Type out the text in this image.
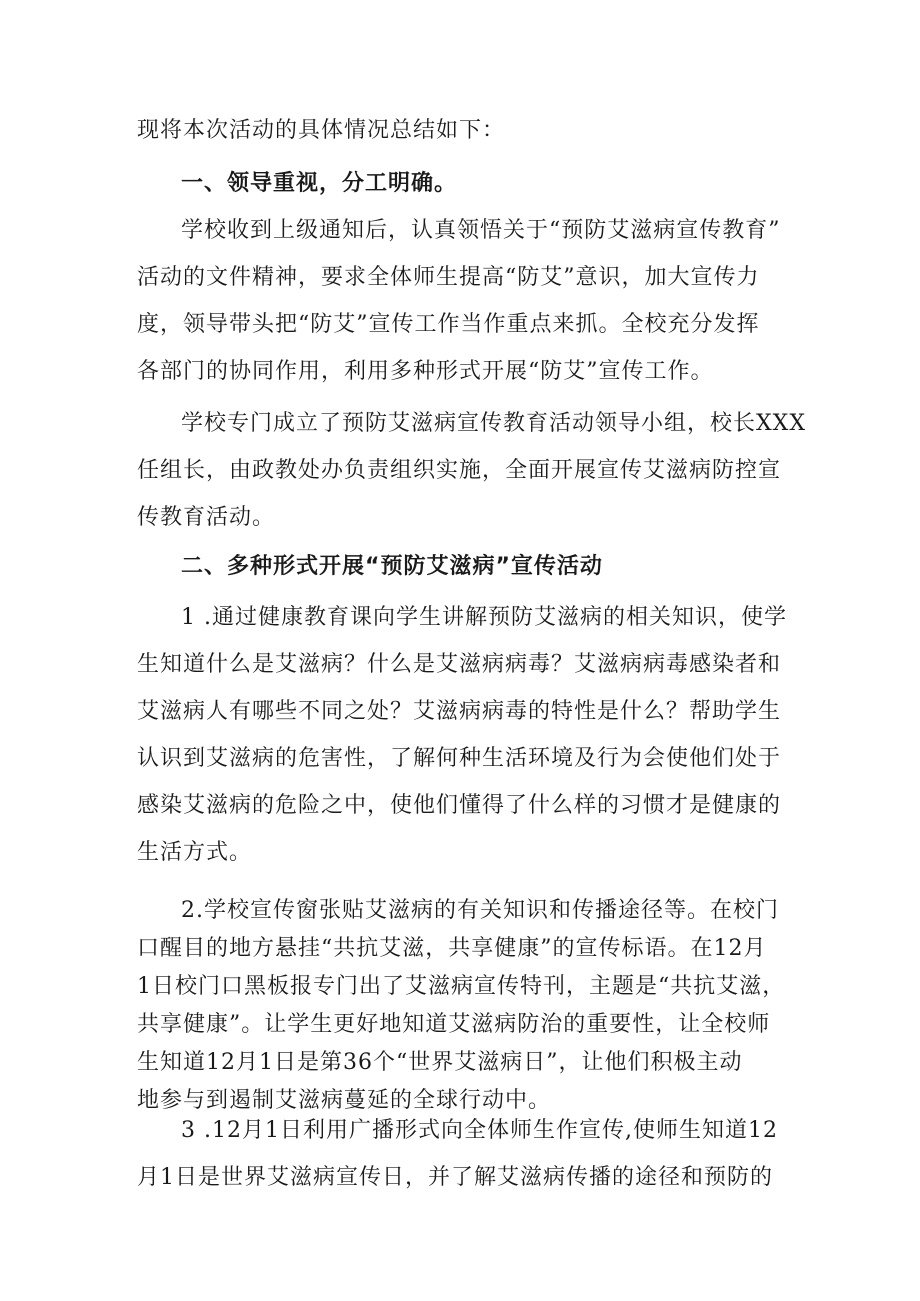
现将本次活动的具体情况总结如下：

一、领导重视，分工明确。

学校收到上级通知后，认真领悟关于“预防艾滋病宣传教育”
活动的文件精神，要求全体师生提高“防艾”意识，加大宣传力
度，领导带头把“防艾”宣传工作当作重点来抓。全校充分发挥
各部门的协同作用，利用多种形式开展“防艾”宣传工作。

学校专门成立了预防艾滋病宣传教育活动领导小组，校长XXX
任组长，由政教处办负责组织实施，全面开展宣传艾滋病防控宣
传教育活动。

二、多种形式开展“预防艾滋病”宣传活动

1 .通过健康教育课向学生讲解预防艾滋病的相关知识，使学
生知道什么是艾滋病？什么是艾滋病病毒？艾滋病病毒感染者和
艾滋病人有哪些不同之处？艾滋病病毒的特性是什么？帮助学生
认识到艾滋病的危害性，了解何种生活环境及行为会使他们处于
感染艾滋病的危险之中，使他们懂得了什么样的习惯才是健康的
生活方式。

2.学校宣传窗张贴艾滋病的有关知识和传播途径等。在校门
口醒目的地方悬挂“共抗艾滋，共享健康”的宣传标语。在12月
1日校门口黑板报专门出了艾滋病宣传特刊，主题是“共抗艾滋，
共享健康”。让学生更好地知道艾滋病防治的重要性，让全校师
生知道12月1日是第36个“世界艾滋病日”，让他们积极主动
地参与到遏制艾滋病蔓延的全球行动中。

3 .12月1日利用广播形式向全体师生作宣传,使师生知道12
月1日是世界艾滋病宣传日，并了解艾滋病传播的途径和预防的
